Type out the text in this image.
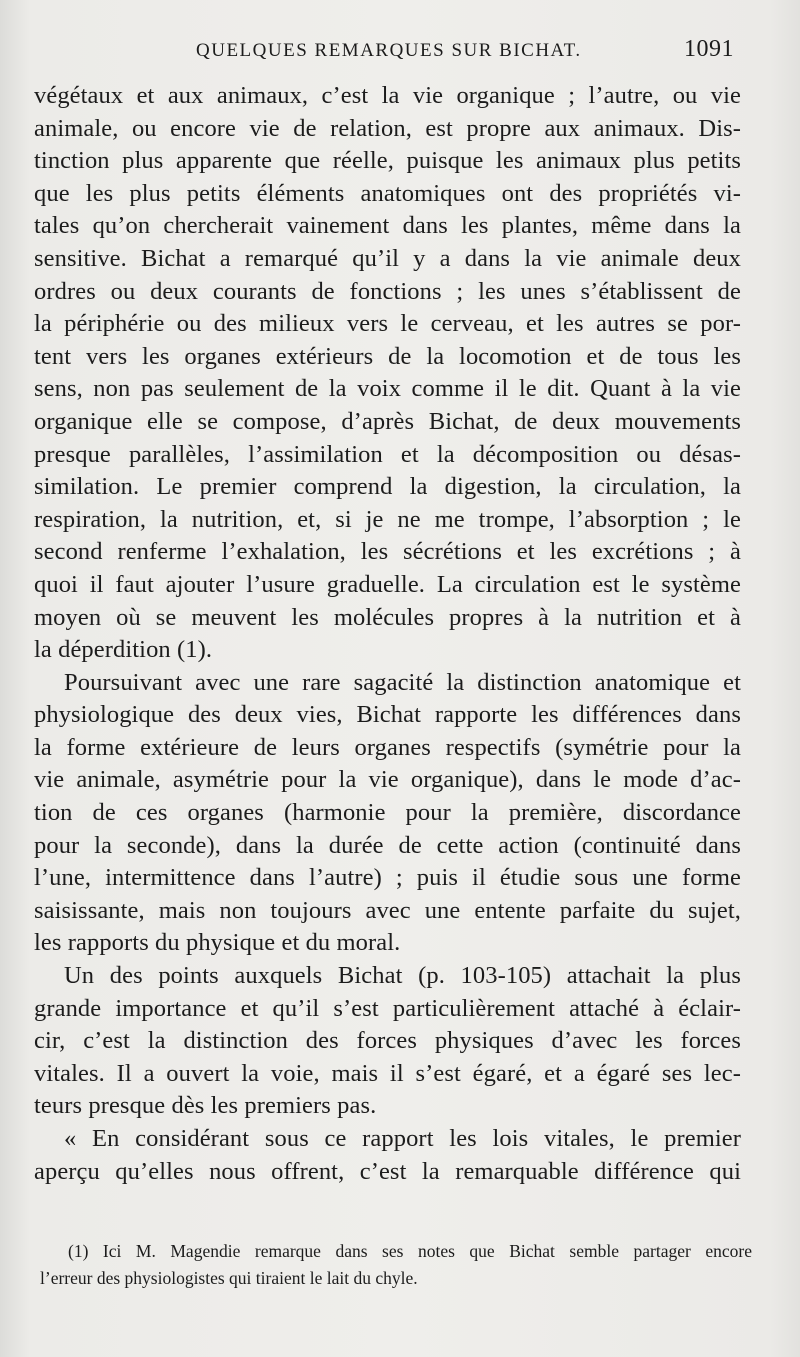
QUELQUES REMARQUES SUR BICHAT.	1091
végétaux et aux animaux, c’est la vie organique ; l’autre, ou vie
animale, ou encore vie de relation, est propre aux animaux. Dis-
tinction plus apparente que réelle, puisque les animaux plus petits
que les plus petits éléments anatomiques ont des propriétés vi-
tales qu’on chercherait vainement dans les plantes, même dans la
sensitive. Bichat a remarqué qu’il y a dans la vie animale deux
ordres ou deux courants de fonctions ; les unes s’établissent de
la périphérie ou des milieux vers le cerveau, et les autres se por-
tent vers les organes extérieurs de la locomotion et de tous les
sens, non pas seulement de la voix comme il le dit. Quant à la vie
organique elle se compose, d’après Bichat, de deux mouvements
presque parallèles, l’assimilation et la décomposition ou désas-
similation. Le premier comprend la digestion, la circulation, la
respiration, la nutrition, et, si je ne me trompe, l’absorption ; le
second renferme l’exhalation, les sécrétions et les excrétions ; à
quoi il faut ajouter l’usure graduelle. La circulation est le système
moyen où se meuvent les molécules propres à la nutrition et à
la déperdition (1).
Poursuivant avec une rare sagacité la distinction anatomique et
physiologique des deux vies, Bichat rapporte les différences dans
la forme extérieure de leurs organes respectifs (symétrie pour la
vie animale, asymétrie pour la vie organique), dans le mode d’ac-
tion de ces organes (harmonie pour la première, discordance
pour la seconde), dans la durée de cette action (continuité dans
l’une, intermittence dans l’autre) ; puis il étudie sous une forme
saisissante, mais non toujours avec une entente parfaite du sujet,
les rapports du physique et du moral.
Un des points auxquels Bichat (p. 103-105) attachait la plus
grande importance et qu’il s’est particulièrement attaché à éclair-
cir, c’est la distinction des forces physiques d’avec les forces
vitales. Il a ouvert la voie, mais il s’est égaré, et a égaré ses lec-
teurs presque dès les premiers pas.
« En considérant sous ce rapport les lois vitales, le premier
aperçu qu’elles nous offrent, c’est la remarquable différence qui
(1) Ici M. Magendie remarque dans ses notes que Bichat semble partager encore
l’erreur des physiologistes qui tiraient le lait du chyle.
